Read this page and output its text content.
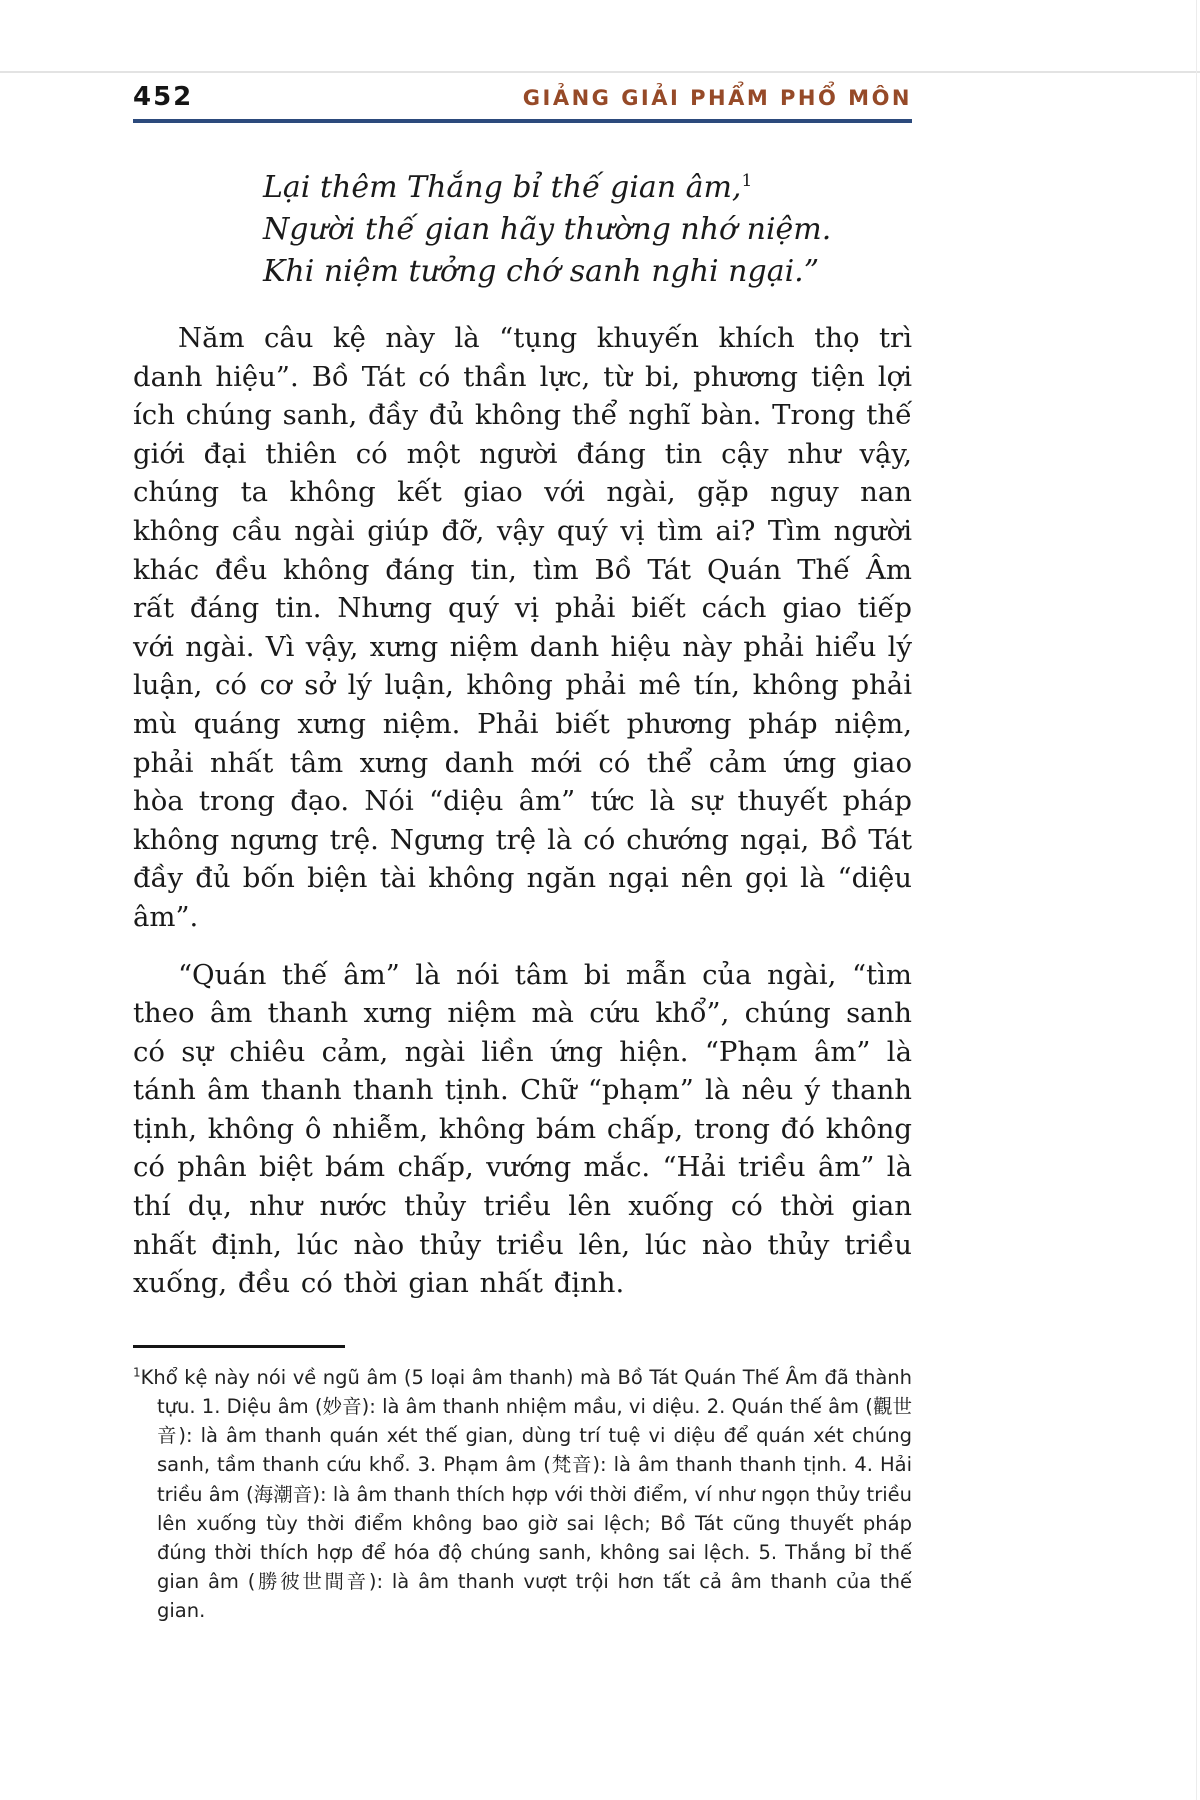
452	GIẢNG GIẢI PHẨM PHỔ MÔN
Lại thêm Thắng bỉ thế gian âm,$^1$
Người thế gian hãy thường nhớ niệm.
Khi niệm tưởng chớ sanh nghi ngại.”

Năm câu kệ này là “tụng khuyến khích thọ trì danh hiệu”. Bồ Tát có thần lực, từ bi, phương tiện lợi ích chúng sanh, đầy đủ không thể nghĩ bàn. Trong thế giới đại thiên có một người đáng tin cậy như vậy, chúng ta không kết giao với ngài, gặp nguy nan không cầu ngài giúp đỡ, vậy quý vị tìm ai? Tìm người khác đều không đáng tin, tìm Bồ Tát Quán Thế Âm rất đáng tin. Nhưng quý vị phải biết cách giao tiếp với ngài. Vì vậy, xưng niệm danh hiệu này phải hiểu lý luận, có cơ sở lý luận, không phải mê tín, không phải mù quáng xưng niệm. Phải biết phương pháp niệm, phải nhất tâm xưng danh mới có thể cảm ứng giao hòa trong đạo. Nói “diệu âm” tức là sự thuyết pháp không ngưng trệ. Ngưng trệ là có chướng ngại, Bồ Tát đầy đủ bốn biện tài không ngăn ngại nên gọi là “diệu âm”.

“Quán thế âm” là nói tâm bi mẫn của ngài, “tìm theo âm thanh xưng niệm mà cứu khổ”, chúng sanh có sự chiêu cảm, ngài liền ứng hiện. “Phạm âm” là tánh âm thanh thanh tịnh. Chữ “phạm” là nêu ý thanh tịnh, không ô nhiễm, không bám chấp, trong đó không có phân biệt bám chấp, vướng mắc. “Hải triều âm” là thí dụ, như nước thủy triều lên xuống có thời gian nhất định, lúc nào thủy triều lên, lúc nào thủy triều xuống, đều có thời gian nhất định.

$^1$Khổ kệ này nói về ngũ âm (5 loại âm thanh) mà Bồ Tát Quán Thế Âm đã thành tựu. 1. Diệu âm (妙音): là âm thanh nhiệm mầu, vi diệu. 2. Quán thế âm (觀世音): là âm thanh quán xét thế gian, dùng trí tuệ vi diệu để quán xét chúng sanh, tầm thanh cứu khổ. 3. Phạm âm (梵音): là âm thanh thanh tịnh. 4. Hải triều âm (海潮音): là âm thanh thích hợp với thời điểm, ví như ngọn thủy triều lên xuống tùy thời điểm không bao giờ sai lệch; Bồ Tát cũng thuyết pháp đúng thời thích hợp để hóa độ chúng sanh, không sai lệch. 5. Thắng bỉ thế gian âm (勝彼世間音): là âm thanh vượt trội hơn tất cả âm thanh của thế gian.
